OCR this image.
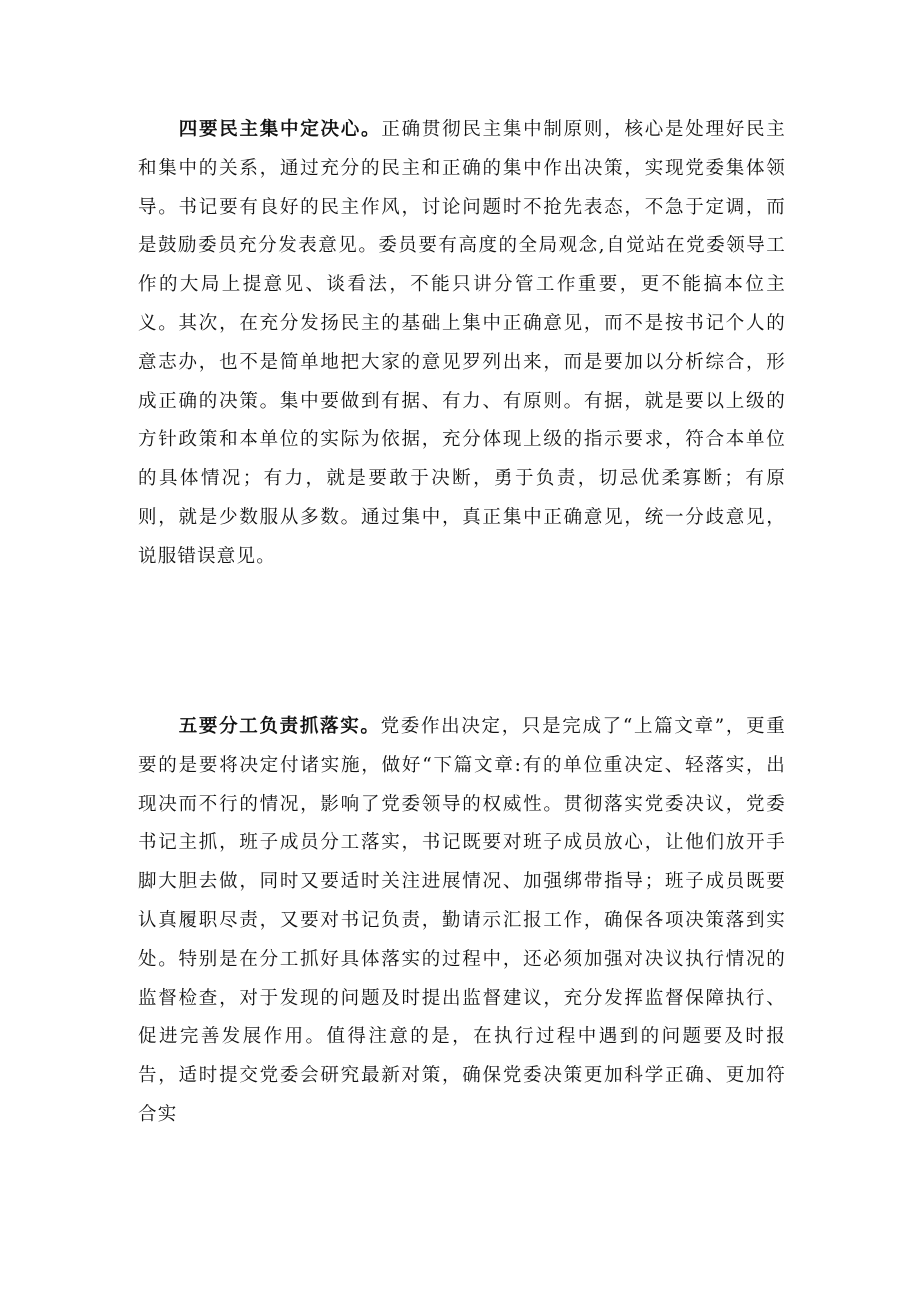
四要民主集中定决心。正确贯彻民主集中制原则，核心是处理好民主和集中的关系，通过充分的民主和正确的集中作出决策，实现党委集体领导。书记要有良好的民主作风，讨论问题时不抢先表态，不急于定调，而是鼓励委员充分发表意见。委员要有高度的全局观念,自觉站在党委领导工作的大局上提意见、谈看法，不能只讲分管工作重要，更不能搞本位主义。其次，在充分发扬民主的基础上集中正确意见，而不是按书记个人的意志办，也不是简单地把大家的意见罗列出来，而是要加以分析综合，形成正确的决策。集中要做到有据、有力、有原则。有据，就是要以上级的方针政策和本单位的实际为依据，充分体现上级的指示要求，符合本单位的具体情况；有力，就是要敢于决断，勇于负责，切忌优柔寡断；有原则，就是少数服从多数。通过集中，真正集中正确意见，统一分歧意见，说服错误意见。

五要分工负责抓落实。党委作出决定，只是完成了“上篇文章”，更重要的是要将决定付诸实施，做好“下篇文章:有的单位重决定、轻落实，出现决而不行的情况，影响了党委领导的权威性。贯彻落实党委决议，党委书记主抓，班子成员分工落实，书记既要对班子成员放心，让他们放开手脚大胆去做，同时又要适时关注进展情况、加强绑带指导；班子成员既要认真履职尽责，又要对书记负责，勤请示汇报工作，确保各项决策落到实处。特别是在分工抓好具体落实的过程中，还必须加强对决议执行情况的监督检查，对于发现的问题及时提出监督建议，充分发挥监督保障执行、促进完善发展作用。值得注意的是，在执行过程中遇到的问题要及时报告，适时提交党委会研究最新对策，确保党委决策更加科学正确、更加符合实
